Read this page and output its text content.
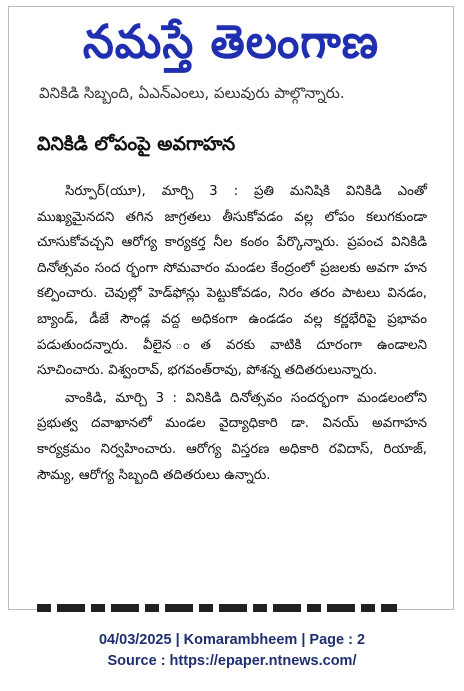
నమస్తే తెలంగాణ
వినికిడి సిబ్బంది, ఏఎన్ఎంలు, పలువురు పాల్గొన్నారు.
వినికిడి లోపంపై అవగాహన

సిర్పూర్(యూ), మార్చి 3 : ప్రతి మనిషికి వినికిడి ఎంతో ముఖ్యమైనదని తగిన జాగ్రతలు తీసుకోవడం వల్ల లోపం కలుగకుండా చూసుకోవచ్చని ఆరోగ్య కార్యకర్త నీల కంఠం పేర్కొన్నారు. ప్రపంచ వినికిడి దినోత్సవం సంద ర్భంగా సోమవారం మండల కేంద్రంలో ప్రజలకు అవగా హన కల్పించారు. చెవుల్లో హెడ్‌ఫోన్లు పెట్టుకోవడం, నిరం తరం పాటలు వినడం, బ్యాండ్, డీజే సౌండ్ల వద్ద అధికంగా ఉండడం వల్ల కర్ణభేరిపై ప్రభావం పడుతుందన్నారు. వీలైన ంత వరకు వాటికి దూరంగా ఉండాలని సూచించారు. విశ్వంరావ్, భగవంత్‌రావు, పోశన్న తదితరులున్నారు.

వాంకిడి, మార్చి 3 : వినికిడి దినోత్సవం సందర్భంగా మండలంలోని ప్రభుత్వ దవాఖానలో మండల వైద్యాధికారి డా. వినయ్ అవగాహన కార్యక్రమం నిర్వహించారు. ఆరోగ్య విస్తరణ అధికారి రవిదాస్, రియాజ్, సౌమ్య, ఆరోగ్య సిబ్బంది తదితరులు ఉన్నారు.

04/03/2025 | Komarambheem | Page : 2
Source : https://epaper.ntnews.com/
